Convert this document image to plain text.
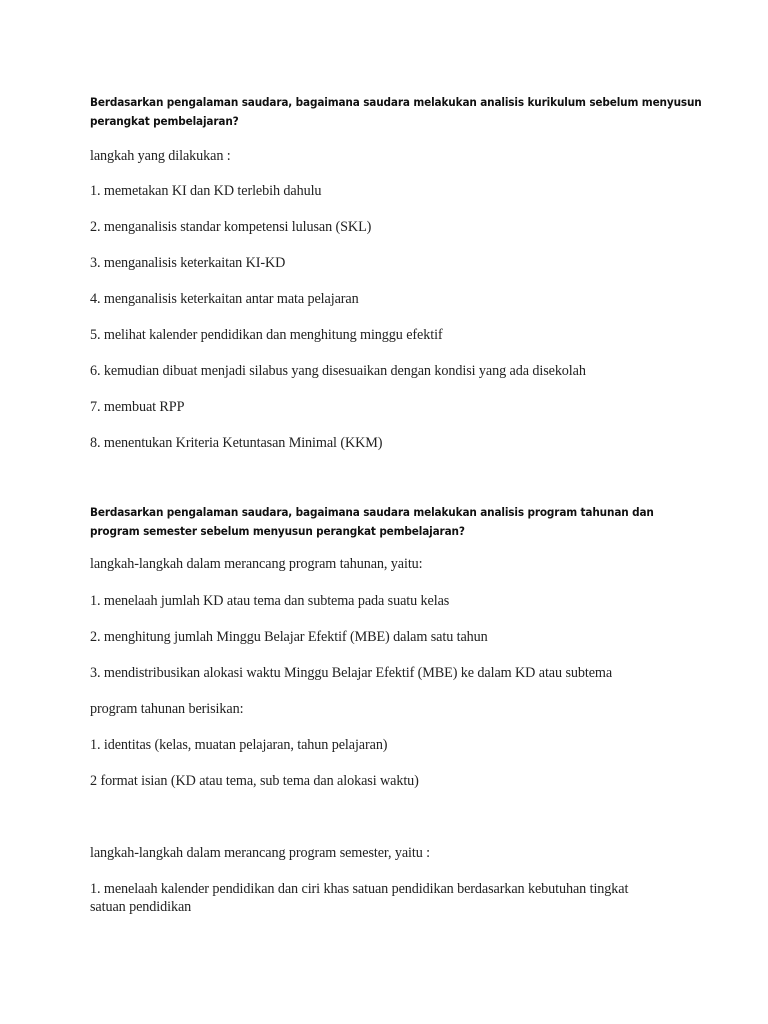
Berdasarkan pengalaman saudara, bagaimana saudara melakukan analisis kurikulum sebelum menyusun

perangkat pembelajaran?

langkah yang dilakukan :

1. memetakan KI dan KD terlebih dahulu

2. menganalisis standar kompetensi lulusan (SKL)

3. menganalisis keterkaitan KI-KD

4. menganalisis keterkaitan antar mata pelajaran

5. melihat kalender pendidikan dan menghitung minggu efektif

6. kemudian dibuat menjadi silabus yang disesuaikan dengan kondisi yang ada disekolah

7. membuat RPP

8. menentukan Kriteria Ketuntasan Minimal (KKM)

Berdasarkan pengalaman saudara, bagaimana saudara melakukan analisis program tahunan dan

program semester sebelum menyusun perangkat pembelajaran?

langkah-langkah dalam merancang program tahunan, yaitu:

1. menelaah jumlah KD atau tema dan subtema pada suatu kelas

2. menghitung jumlah Minggu Belajar Efektif (MBE) dalam satu tahun

3. mendistribusikan alokasi waktu Minggu Belajar Efektif (MBE) ke dalam KD atau subtema

program tahunan berisikan:

1. identitas (kelas, muatan pelajaran, tahun pelajaran)

2 format isian (KD atau tema, sub tema dan alokasi waktu)

langkah-langkah dalam merancang program semester, yaitu :

1. menelaah kalender pendidikan dan ciri khas satuan pendidikan berdasarkan kebutuhan tingkat

satuan pendidikan
